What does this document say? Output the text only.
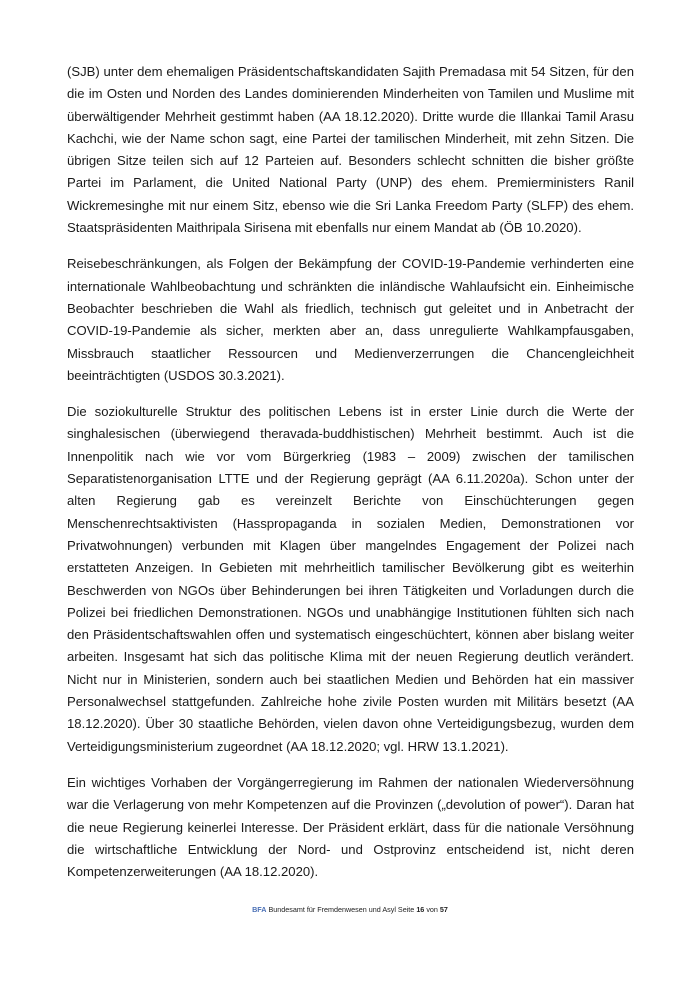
(SJB) unter dem ehemaligen Präsidentschaftskandidaten Sajith Premadasa mit 54 Sitzen, für den die im Osten und Norden des Landes dominierenden Minderheiten von Tamilen und Muslime mit überwältigender Mehrheit gestimmt haben (AA 18.12.2020). Dritte wurde die Illankai Tamil Arasu Kachchi, wie der Name schon sagt, eine Partei der tamilischen Minderheit, mit zehn Sitzen. Die übrigen Sitze teilen sich auf 12 Parteien auf. Besonders schlecht schnitten die bisher größte Partei im Parlament, die United National Party (UNP) des ehem. Premierministers Ranil Wickremesinghe mit nur einem Sitz, ebenso wie die Sri Lanka Freedom Party (SLFP) des ehem. Staatspräsidenten Maithripala Sirisena mit ebenfalls nur einem Mandat ab (ÖB 10.2020).

Reisebeschränkungen, als Folgen der Bekämpfung der COVID-19-Pandemie verhinderten eine internationale Wahlbeobachtung und schränkten die inländische Wahlaufsicht ein. Einheimische Beobachter beschrieben die Wahl als friedlich, technisch gut geleitet und in Anbetracht der COVID-19-Pandemie als sicher, merkten aber an, dass unregulierte Wahlkampfausgaben, Missbrauch staatlicher Ressourcen und Medienverzerrungen die Chancengleichheit beeinträchtigten (USDOS 30.3.2021).

Die soziokulturelle Struktur des politischen Lebens ist in erster Linie durch die Werte der singhalesischen (überwiegend theravada-buddhistischen) Mehrheit bestimmt. Auch ist die Innenpolitik nach wie vor vom Bürgerkrieg (1983 – 2009) zwischen der tamilischen Separatistenorganisation LTTE und der Regierung geprägt (AA 6.11.2020a). Schon unter der alten Regierung gab es vereinzelt Berichte von Einschüchterungen gegen Menschenrechtsaktivisten (Hasspropaganda in sozialen Medien, Demonstrationen vor Privatwohnungen) verbunden mit Klagen über mangelndes Engagement der Polizei nach erstatteten Anzeigen. In Gebieten mit mehrheitlich tamilischer Bevölkerung gibt es weiterhin Beschwerden von NGOs über Behinderungen bei ihren Tätigkeiten und Vorladungen durch die Polizei bei friedlichen Demonstrationen. NGOs und unabhängige Institutionen fühlten sich nach den Präsidentschaftswahlen offen und systematisch eingeschüchtert, können aber bislang weiter arbeiten. Insgesamt hat sich das politische Klima mit der neuen Regierung deutlich verändert. Nicht nur in Ministerien, sondern auch bei staatlichen Medien und Behörden hat ein massiver Personalwechsel stattgefunden. Zahlreiche hohe zivile Posten wurden mit Militärs besetzt (AA 18.12.2020). Über 30 staatliche Behörden, vielen davon ohne Verteidigungsbezug, wurden dem Verteidigungsministerium zugeordnet (AA 18.12.2020; vgl. HRW 13.1.2021).

Ein wichtiges Vorhaben der Vorgängerregierung im Rahmen der nationalen Wiederversöhnung war die Verlagerung von mehr Kompetenzen auf die Provinzen („devolution of power“). Daran hat die neue Regierung keinerlei Interesse. Der Präsident erklärt, dass für die nationale Versöhnung die wirtschaftliche Entwicklung der Nord- und Ostprovinz entscheidend ist, nicht deren Kompetenzerweiterungen (AA 18.12.2020).

BFA Bundesamt für Fremdenwesen und Asyl Seite 16 von 57
